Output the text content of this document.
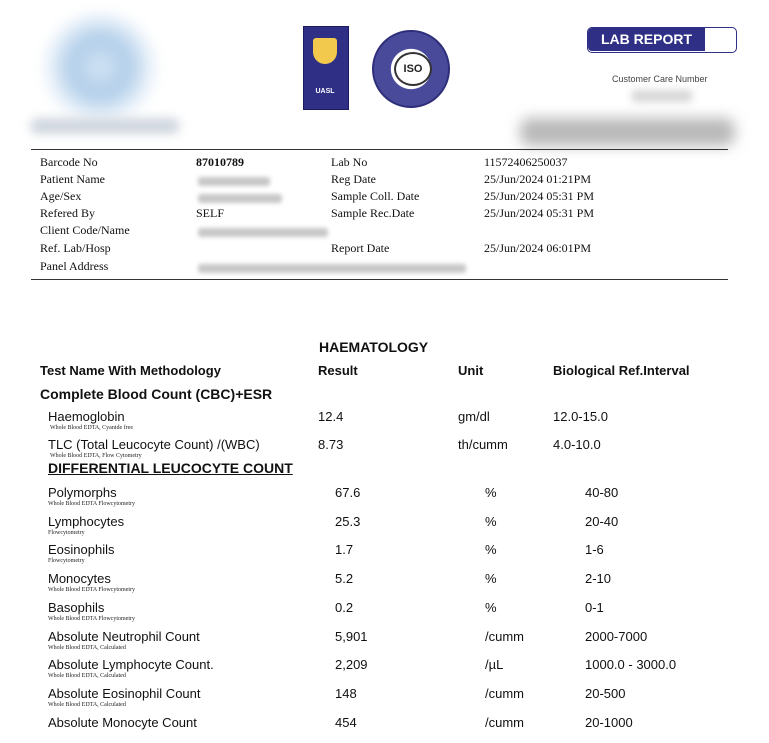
UASL
ISO
LAB REPORT
Customer Care Number
Barcode No	87010789
Patient Name
Age/Sex
Refered By	SELF
Client Code/Name
Ref. Lab/Hosp
Panel Address
Lab No	11572406250037
Reg Date	25/Jun/2024 01:21PM
Sample Coll. Date	25/Jun/2024 05:31 PM
Sample Rec.Date	25/Jun/2024 05:31 PM
Report Date	25/Jun/2024 06:01PM
HAEMATOLOGY
Test Name With Methodology	Result	Unit	Biological Ref.Interval
Complete Blood Count (CBC)+ESR
Haemoglobin
Whole Blood EDTA, Cyanide free
12.4	gm/dl	12.0-15.0
TLC (Total Leucocyte Count) /(WBC)
Whole Blood EDTA, Flow Cytometry
8.73	th/cumm	4.0-10.0
DIFFERENTIAL LEUCOCYTE COUNT
Polymorphs
Whole Blood EDTA Flowcytometry
67.6	%	40-80
Lymphocytes
Flowcytometry
25.3	%	20-40
Eosinophils
Flowcytometry
1.7	%	1-6
Monocytes
Whole Blood EDTA Flowcytometry
5.2	%	2-10
Basophils
Whole Blood EDTA Flowcytometry
0.2	%	0-1
Absolute Neutrophil Count
Whole Blood EDTA, Calculated
5,901	/cumm	2000-7000
Absolute Lymphocyte Count.
Whole Blood EDTA, Calculated
2,209	/µL	1000.0 - 3000.0
Absolute Eosinophil Count
Whole Blood EDTA, Calculated
148	/cumm	20-500
Absolute Monocyte Count	454	/cumm	20-1000
